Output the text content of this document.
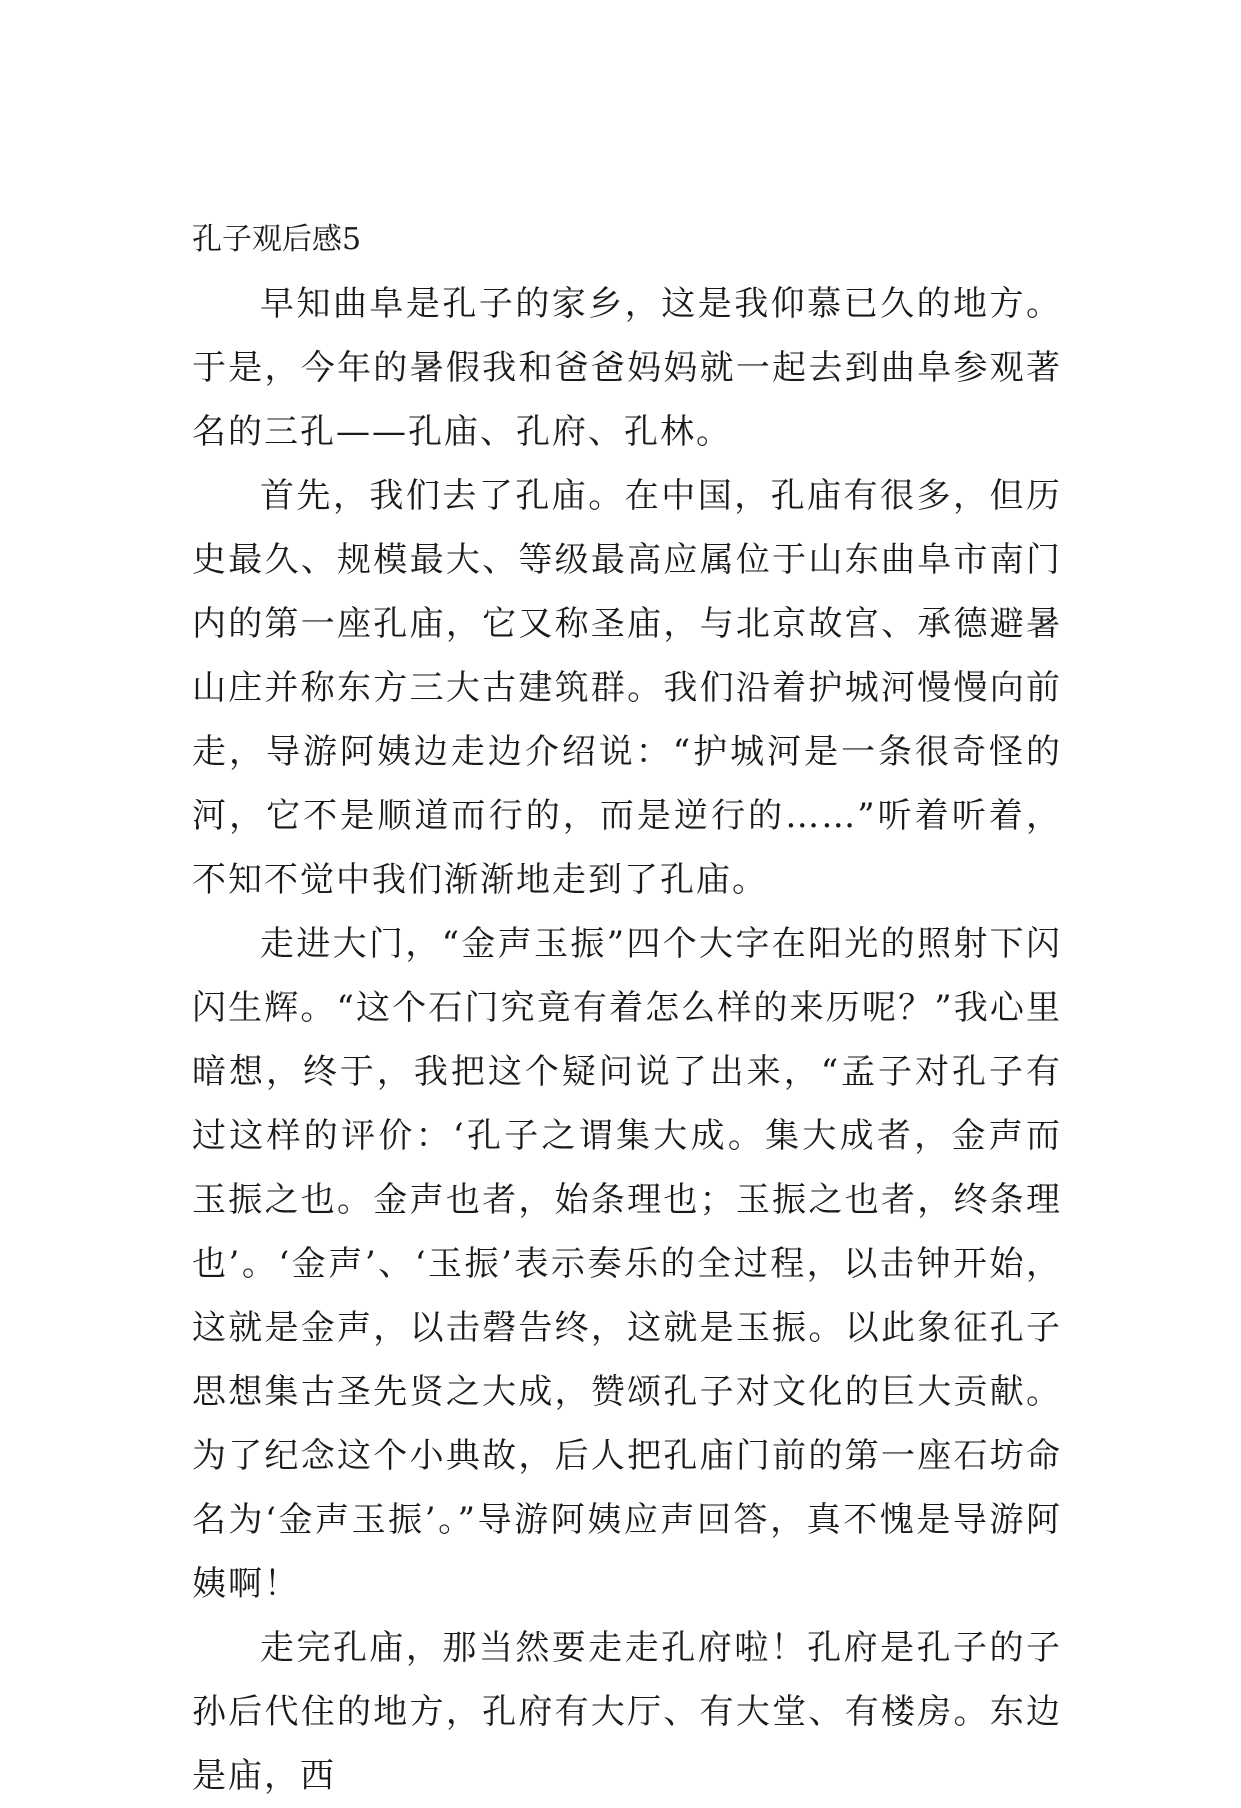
孔子观后感5

早知曲阜是孔子的家乡，这是我仰慕已久的地方。于是，今年的暑假我和爸爸妈妈就一起去到曲阜参观著名的三孔——孔庙、孔府、孔林。

首先，我们去了孔庙。在中国，孔庙有很多，但历史最久、规模最大、等级最高应属位于山东曲阜市南门内的第一座孔庙，它又称圣庙，与北京故宫、承德避暑山庄并称东方三大古建筑群。我们沿着护城河慢慢向前走，导游阿姨边走边介绍说：“护城河是一条很奇怪的河，它不是顺道而行的，而是逆行的……”听着听着，不知不觉中我们渐渐地走到了孔庙。

走进大门，“金声玉振”四个大字在阳光的照射下闪闪生辉。“这个石门究竟有着怎么样的来历呢？”我心里暗想，终于，我把这个疑问说了出来，“孟子对孔子有过这样的评价：‘孔子之谓集大成。集大成者，金声而玉振之也。金声也者，始条理也；玉振之也者，终条理也’。‘金声’、‘玉振’表示奏乐的全过程，以击钟开始，这就是金声，以击磬告终，这就是玉振。以此象征孔子思想集古圣先贤之大成，赞颂孔子对文化的巨大贡献。为了纪念这个小典故，后人把孔庙门前的第一座石坊命名为‘金声玉振’。”导游阿姨应声回答，真不愧是导游阿姨啊！

走完孔庙，那当然要走走孔府啦！孔府是孔子的子孙后代住的地方，孔府有大厅、有大堂、有楼房。东边是庙，西
